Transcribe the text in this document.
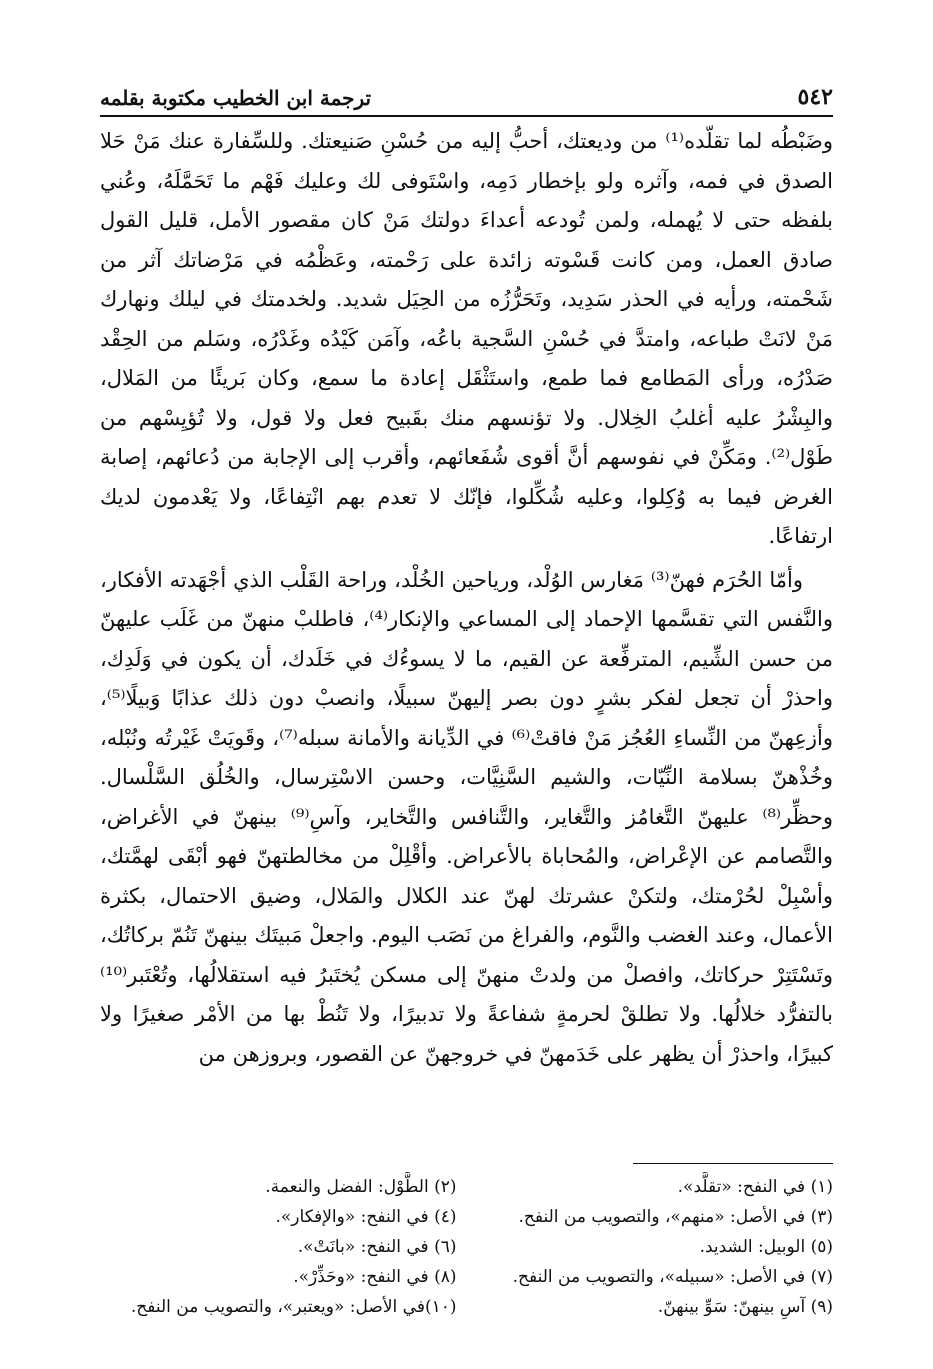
٥٤٢
ترجمة ابن الخطيب مكتوبة بقلمه

وضَبْطُه لما تقلّده⁽¹⁾ من وديعتك، أحبُّ إليه من حُسْنِ صَنيعتك. وللسِّفارة عنك مَنْ حَلا الصدق في فمه، وآثره ولو بإخطار دَمِه، واسْتَوفى لك وعليك فَهْم ما تَحَمَّلَهُ، وعُني بلفظه حتى لا يُهمله، ولمن تُودعه أعداءَ دولتك مَنْ كان مقصور الأمل، قليل القول صادق العمل، ومن كانت قَسْوته زائدة على رَحْمته، وعَظْمُه في مَرْضاتك آثر من شَحْمته، ورأيه في الحذر سَدِيد، وتَحَرُّزُه من الحِيَل شديد. ولخدمتك في ليلك ونهارك مَنْ لانَتْ طباعه، وامتدَّ في حُسْنِ السَّجية باعُه، وآمَن كَيْدُه وغَدْرُه، وسَلم من الحِقْد صَدْرُه، ورأى المَطامع فما طمع، واستَثْقَل إعادة ما سمع، وكان بَريئًا من المَلال، والبِشْرُ عليه أغلبُ الخِلال. ولا تؤنسهم منك بقَبيح فعل ولا قول، ولا تُؤيِسْهم من طَوْل⁽²⁾. ومَكِّنْ في نفوسهم أنَّ أقوى شُفَعائهم، وأقرب إلى الإجابة من دُعائهم، إصابة الغرض فيما به وُكِلوا، وعليه شُكِّلوا، فإنّك لا تعدم بهم انْتِفاعًا، ولا يَعْدمون لديك ارتفاعًا.

وأمّا الحُرَم فهنّ⁽³⁾ مَغارس الوُلْد، ورياحين الخُلْد، وراحة القَلْب الذي أجْهَدته الأفكار، والنَّفس التي تقسَّمها الإحماد إلى المساعي والإنكار⁽⁴⁾، فاطلبْ منهنّ من غَلَب عليهنّ من حسن الشِّيم، المترفِّعة عن القيم، ما لا يسوءُك في خَلَدك، أن يكون في وَلَدِك، واحذرْ أن تجعل لفكر بشرٍ دون بصر إليهنّ سبيلًا، وانصبْ دون ذلك عذابًا وَبيلًا⁽⁵⁾، وأزعِهنّ من النِّساءِ العُجُز مَنْ فاقتْ⁽⁶⁾ في الدِّيانة والأمانة سبله⁽⁷⁾، وقَويَتْ غَيْرتُه ونُبْله، وخُذْهنّ بسلامة النِّيّات، والشيم السَّنِيَّات، وحسن الاسْتِرسال، والخُلُق السَّلْسال. وحظِّر⁽⁸⁾ عليهنّ التَّغامُز والتَّغاير، والتَّنافس والتَّخاير، وآسِ⁽⁹⁾ بينهنّ في الأغراض، والتَّصامم عن الإعْراض، والمُحاباة بالأعراض. وأقْلِلْ من مخالطتهنّ فهو أبْقَى لهمَّتك، وأسْبِلْ لحُرْمتك، ولتكنْ عشرتك لهنّ عند الكلال والمَلال، وضيق الاحتمال، بكثرة الأعمال، وعند الغضب والنَّوم، والفراغ من نَصَب اليوم. واجعلْ مَبيتَك بينهنّ تَنُمّ بركاتُك، وتَسْتَتِرْ حركاتك، وافصلْ من ولدتْ منهنّ إلى مسكن يُختَبرُ فيه استقلالُها، وتُعْتَبر⁽¹⁰⁾ بالتفرُّد خلالُها. ولا تطلقْ لحرمةٍ شفاعةً ولا تدبيرًا، ولا تَنُطْ بها من الأمْر صغيرًا ولا كبيرًا، واحذرْ أن يظهر على خَدَمهنّ في خروجهنّ عن القصور، وبروزهن من

(١) في النفح: «تقلَّد».
(٢) الطَّوْل: الفضل والنعمة.
(٣) في الأصل: «منهم»، والتصويب من النفح.
(٤) في النفح: «والإفكار».
(٥) الوبيل: الشديد.
(٦) في النفح: «بانَتْ».
(٧) في الأصل: «سبيله»، والتصويب من النفح.
(٨) في النفح: «وحَذِّرْ».
(٩) آسِ بينهنّ: سَوِّ بينهنّ.
(١٠)في الأصل: «ويعتبر»، والتصويب من النفح.
